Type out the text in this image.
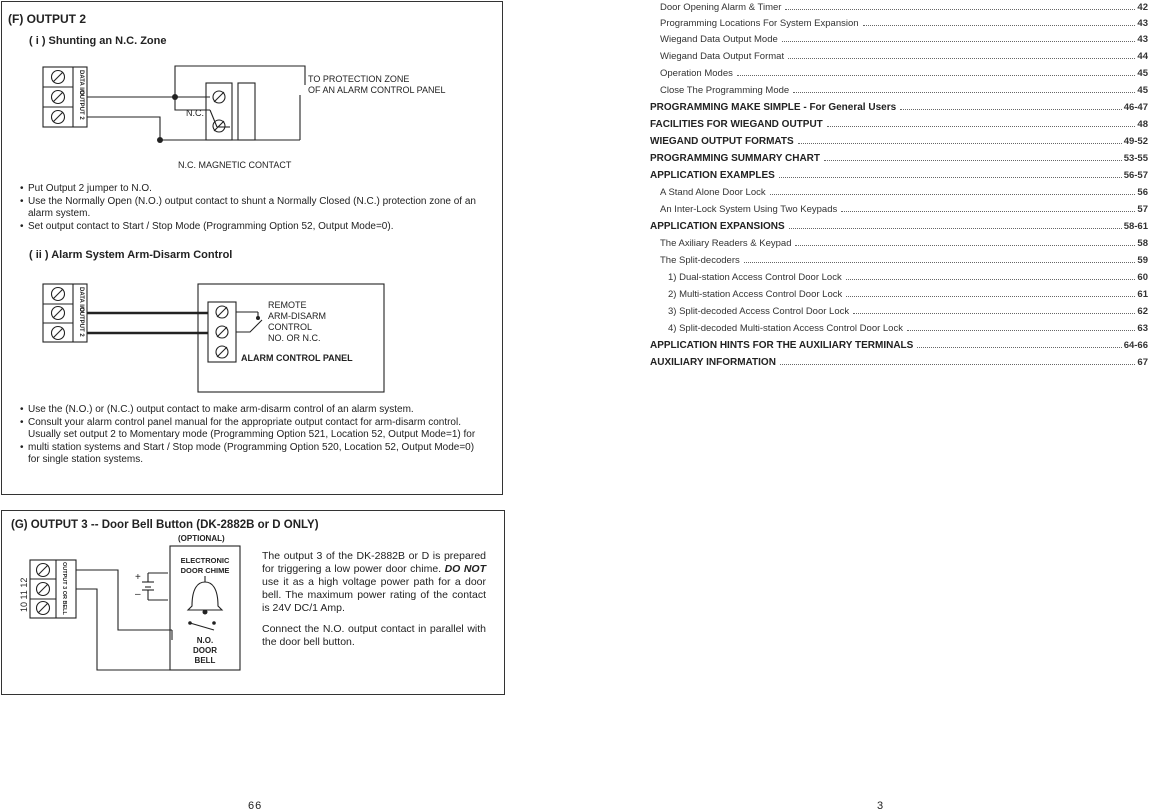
(F) OUTPUT 2
( i ) Shunting an N.C. Zone
DATA I/O
OUTPUT 2	N.C.
TO PROTECTION ZONE
OF AN ALARM CONTROL PANEL
N.C. MAGNETIC CONTACT
• Put Output 2 jumper to N.O.
• Use the Normally Open (N.O.) output contact to shunt a Normally Closed (N.C.) protection zone of an
alarm system.
• Set output contact to Start / Stop Mode (Programming Option 52, Output Mode=0).
( ii ) Alarm System Arm-Disarm Control
DATA I/O
OUTPUT 2
REMOTE
ARM-DISARM
CONTROL
NO. OR N.C.
ALARM CONTROL PANEL
• Use the (N.O.) or (N.C.) output contact to make arm-disarm control of an alarm system.
• Consult your alarm control panel manual for the appropriate output contact for arm-disarm control.
Usually set output 2 to Momentary mode (Programming Option 521, Location 52, Output Mode=1) for
• multi station systems and Start / Stop mode (Programming Option 520, Location 52, Output Mode=0)
for single station systems.
(G) OUTPUT 3 -- Door Bell Button (DK-2882B or D ONLY)
(OPTIONAL)
ELECTRONIC
DOOR CHIME
10 11 12	OUTPUT 3 OR BELL	+
–
N.O.
DOOR
BELL
The output 3 of the DK-2882B or D is prepared for triggering a low power door chime. DO NOT use it as a high voltage power path for a door bell. The maximum power rating of the contact is 24V DC/1 Amp.
Connect the N.O. output contact in parallel with the door bell button.
66
Door Opening Alarm & Timer	42
Programming Locations For System Expansion	43
Wiegand Data Output Mode	43
Wiegand Data Output Format	44
Operation Modes	45
Close The Programming Mode	45
PROGRAMMING MAKE SIMPLE - For General Users	46-47
FACILITIES FOR WIEGAND OUTPUT	48
WIEGAND OUTPUT FORMATS	49-52
PROGRAMMING SUMMARY CHART	53-55
APPLICATION EXAMPLES	56-57
A Stand Alone Door Lock	56
An Inter-Lock System Using Two Keypads	57
APPLICATION EXPANSIONS	58-61
The Axiliary Readers & Keypad	58
The Split-decoders	59
1) Dual-station Access Control Door Lock	60
2) Multi-station Access Control Door Lock	61
3) Split-decoded Access Control Door Lock	62
4) Split-decoded Multi-station Access Control Door Lock	63
APPLICATION HINTS FOR THE AUXILIARY TERMINALS	64-66
AUXILIARY INFORMATION	67
3
